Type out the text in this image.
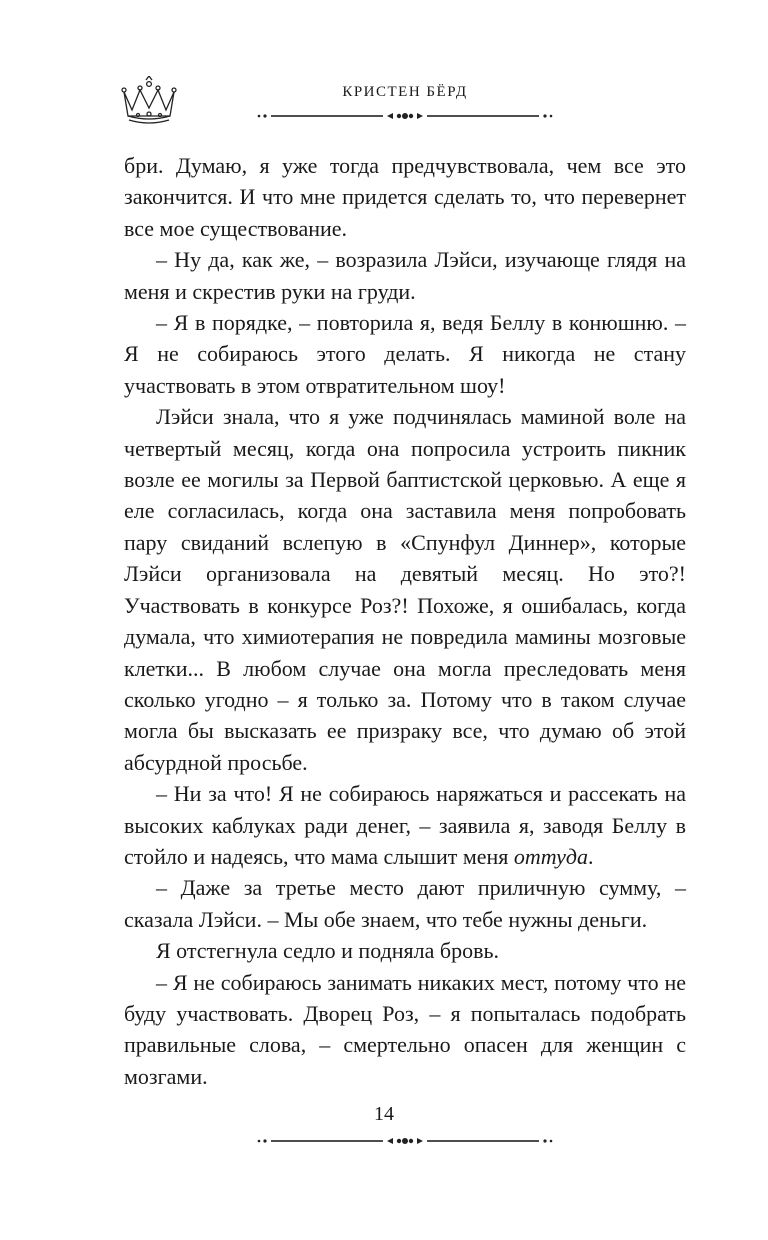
КРИСТЕН БЁРД

бри. Думаю, я уже тогда предчувствовала, чем все это закончится. И что мне придется сделать то, что перевернет все мое существование.

– Ну да, как же, – возразила Лэйси, изучающе глядя на меня и скрестив руки на груди.

– Я в порядке, – повторила я, ведя Беллу в конюшню. – Я не собираюсь этого делать. Я никогда не стану участвовать в этом отвратительном шоу!

Лэйси знала, что я уже подчинялась маминой воле на четвертый месяц, когда она попросила устроить пикник возле ее могилы за Первой баптистской церковью. А еще я еле согласилась, когда она заставила меня попробовать пару свиданий вслепую в «Спунфул Диннер», которые Лэйси организовала на девятый месяц. Но это?! Участвовать в конкурсе Роз?! Похоже, я ошибалась, когда думала, что химиотерапия не повредила мамины мозговые клетки... В любом случае она могла преследовать меня сколько угодно – я только за. Потому что в таком случае могла бы высказать ее призраку все, что думаю об этой абсурдной просьбе.

– Ни за что! Я не собираюсь наряжаться и рассекать на высоких каблуках ради денег, – заявила я, заводя Беллу в стойло и надеясь, что мама слышит меня оттуда.

– Даже за третье место дают приличную сумму, – сказала Лэйси. – Мы обе знаем, что тебе нужны деньги.

Я отстегнула седло и подняла бровь.

– Я не собираюсь занимать никаких мест, потому что не буду участвовать. Дворец Роз, – я попыталась подобрать правильные слова, – смертельно опасен для женщин с мозгами.

14
